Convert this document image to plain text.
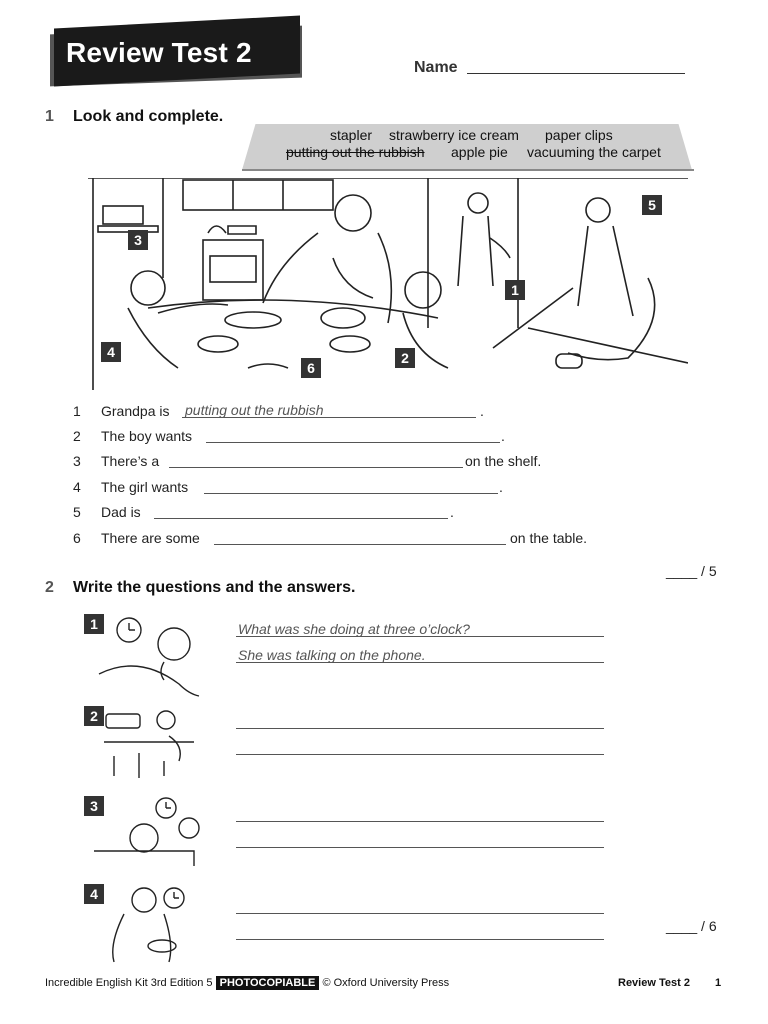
Review Test 2	Name
1 Look and complete.
stapler strawberry ice cream paper clips
putting out the rubbish apple pie vacuuming the carpet
3
4
6
2
1
5
1 Grandpa is putting out the rubbish	.
2 The boy wants	.
3 There’s a	on the shelf.
4 The girl wants	.
5 Dad is	.
6 There are some	on the table.
____ / 5
2 Write the questions and the answers.
1
2
3
4
What was she doing at three o’clock?
She was talking on the phone.
____ / 6
Incredible English Kit 3rd Edition 5 PHOTOCOPIABLE © Oxford University Press	Review Test 2 1
